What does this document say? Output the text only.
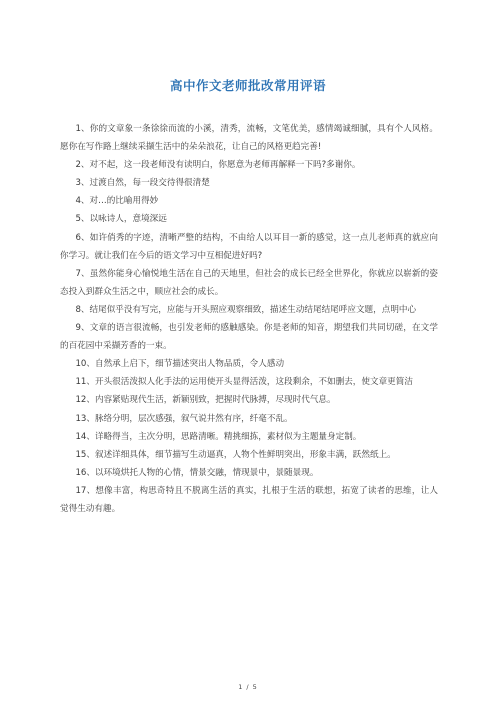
高中作文老师批改常用评语

1、你的文章象一条徐徐而流的小溪，清秀，流畅，文笔优美，感情竭诚细腻，具有个人风格。愿你在写作路上继续采撷生活中的朵朵浪花，让自己的风格更趋完善!

2、对不起，这一段老师没有读明白，你愿意为老师再解释一下吗?多谢你。

3、过渡自然，每一段交待得很清楚

4、对…的比喻用得妙

5、以咏诗人，意境深远

6、如许俏秀的字迹，清晰严整的结构，不由给人以耳目一新的感觉，这一点儿老师真的就应向你学习。就让我们在今后的语文学习中互相促进好吗?

7、虽然你能身心愉悦地生活在自己的天地里，但社会的成长已经全世界化，你就应以崭新的姿态投入到群众生活之中，顺应社会的成长。

8、结尾似乎没有写完，应能与开头照应观察细致，描述生动结尾结尾呼应文题，点明中心

9、文章的语言很流畅，也引发老师的感触感染。你是老师的知音，期望我们共同切磋，在文学的百花园中采撷芳香的一束。

10、自然承上启下，细节描述突出人物品质，令人感动

11、开头很活泼拟人化手法的运用使开头显得活泼，这段剩余，不如删去，使文章更简洁

12、内容紧贴现代生活，新颖别致，把握时代脉搏，尽现时代气息。

13、脉络分明，层次感强，叙气说井然有序，纤毫不乱。

14、详略得当，主次分明，思路清晰。精挑细拣，素材似为主题量身定制。

15、叙述详细具体，细节描写生动逼真，人物个性鲜明突出，形象丰满，跃然纸上。

16、以环境烘托人物的心情，情景交融，情现景中，景随景现。

17、想像丰富，构思奇特且不脱离生活的真实，扎根于生活的联想，拓宽了读者的思维，让人觉得生动有趣。

1 / 5
